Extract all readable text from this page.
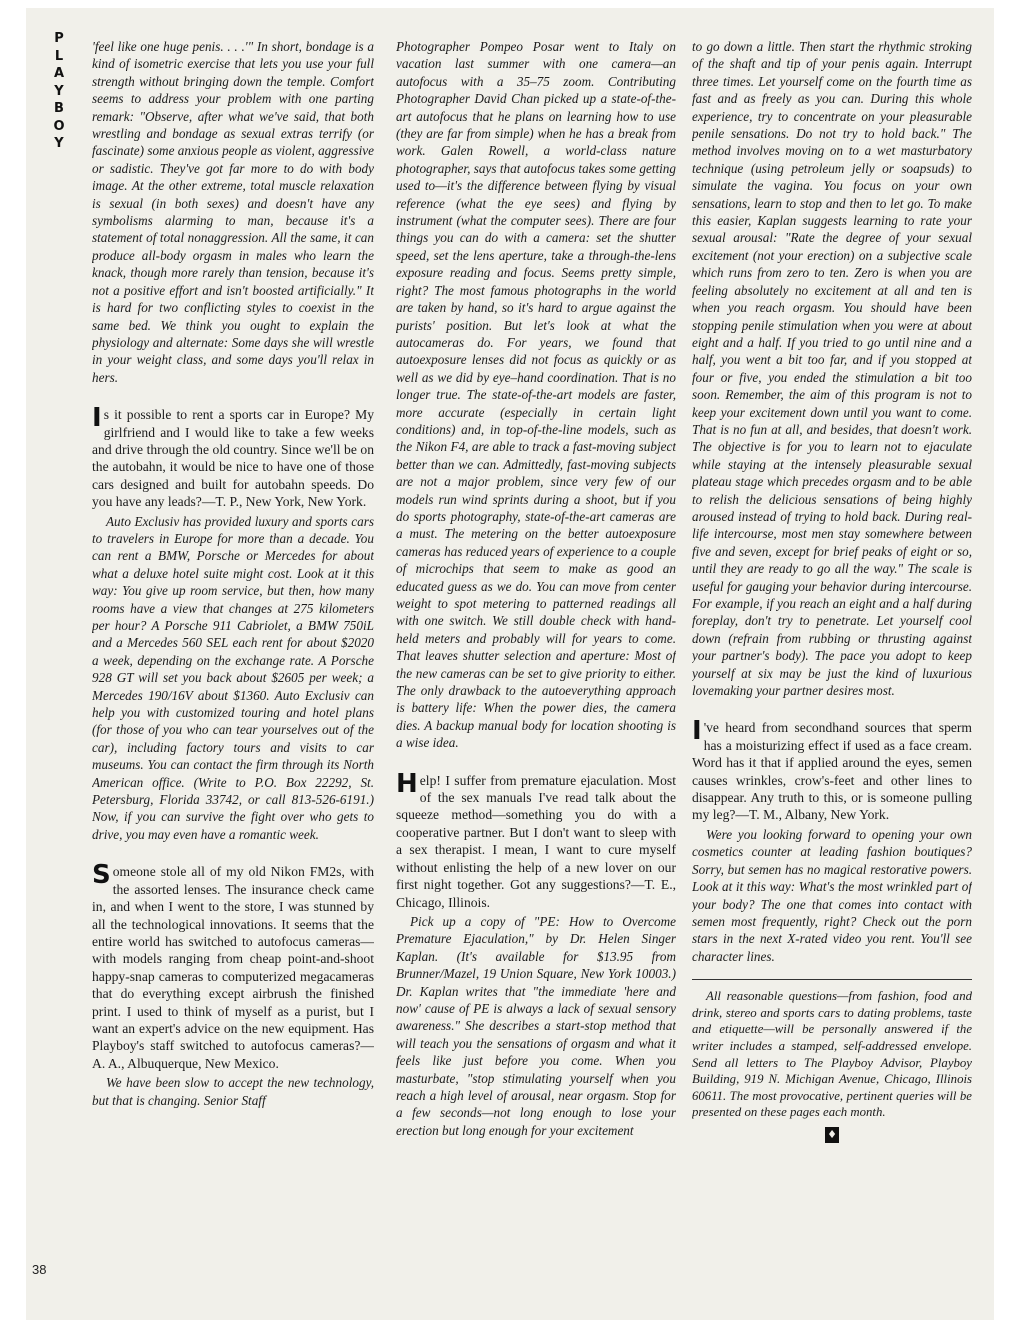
P
L
A
Y
B
O
Y

'feel like one huge penis. . . .'" In short, bondage is a kind of isometric exercise that lets you use your full strength without bringing down the temple. Comfort seems to address your problem with one parting remark: "Observe, after what we've said, that both wrestling and bondage as sexual extras terrify (or fascinate) some anxious people as violent, aggressive or sadistic. They've got far more to do with body image. At the other extreme, total muscle relaxation is sexual (in both sexes) and doesn't have any symbolisms alarming to man, because it's a statement of total nonaggression. All the same, it can produce all-body orgasm in males who learn the knack, though more rarely than tension, because it's not a positive effort and isn't boosted artificially." It is hard for two conflicting styles to coexist in the same bed. We think you ought to explain the physiology and alternate: Some days she will wrestle in your weight class, and some days you'll relax in hers.

Is it possible to rent a sports car in Europe? My girlfriend and I would like to take a few weeks and drive through the old country. Since we'll be on the autobahn, it would be nice to have one of those cars designed and built for autobahn speeds. Do you have any leads?—T. P., New York, New York.

Auto Exclusiv has provided luxury and sports cars to travelers in Europe for more than a decade. You can rent a BMW, Porsche or Mercedes for about what a deluxe hotel suite might cost. Look at it this way: You give up room service, but then, how many rooms have a view that changes at 275 kilometers per hour? A Porsche 911 Cabriolet, a BMW 750iL and a Mercedes 560 SEL each rent for about $2020 a week, depending on the exchange rate. A Porsche 928 GT will set you back about $2605 per week; a Mercedes 190/16V about $1360. Auto Exclusiv can help you with customized touring and hotel plans (for those of you who can tear yourselves out of the car), including factory tours and visits to car museums. You can contact the firm through its North American office. (Write to P.O. Box 22292, St. Petersburg, Florida 33742, or call 813-526-6191.) Now, if you can survive the fight over who gets to drive, you may even have a romantic week.

Someone stole all of my old Nikon FM2s, with the assorted lenses. The insurance check came in, and when I went to the store, I was stunned by all the technological innovations. It seems that the entire world has switched to autofocus cameras—with models ranging from cheap point-and-shoot happy-snap cameras to computerized megacameras that do everything except airbrush the finished print. I used to think of myself as a purist, but I want an expert's advice on the new equipment. Has Playboy's staff switched to autofocus cameras?—A. A., Albuquerque, New Mexico.

We have been slow to accept the new technology, but that is changing. Senior Staff

Photographer Pompeo Posar went to Italy on vacation last summer with one camera—an autofocus with a 35–75 zoom. Contributing Photographer David Chan picked up a state-of-the-art autofocus that he plans on learning how to use (they are far from simple) when he has a break from work. Galen Rowell, a world-class nature photographer, says that autofocus takes some getting used to—it's the difference between flying by visual reference (what the eye sees) and flying by instrument (what the computer sees). There are four things you can do with a camera: set the shutter speed, set the lens aperture, take a through-the-lens exposure reading and focus. Seems pretty simple, right? The most famous photographs in the world are taken by hand, so it's hard to argue against the purists' position. But let's look at what the autocameras do. For years, we found that autoexposure lenses did not focus as quickly or as well as we did by eye–hand coordination. That is no longer true. The state-of-the-art models are faster, more accurate (especially in certain light conditions) and, in top-of-the-line models, such as the Nikon F4, are able to track a fast-moving subject better than we can. Admittedly, fast-moving subjects are not a major problem, since very few of our models run wind sprints during a shoot, but if you do sports photography, state-of-the-art cameras are a must. The metering on the better autoexposure cameras has reduced years of experience to a couple of microchips that seem to make as good an educated guess as we do. You can move from center weight to spot metering to patterned readings all with one switch. We still double check with hand-held meters and probably will for years to come. That leaves shutter selection and aperture: Most of the new cameras can be set to give priority to either. The only drawback to the autoeverything approach is battery life: When the power dies, the camera dies. A backup manual body for location shooting is a wise idea.

Help! I suffer from premature ejaculation. Most of the sex manuals I've read talk about the squeeze method—something you do with a cooperative partner. But I don't want to sleep with a sex therapist. I mean, I want to cure myself without enlisting the help of a new lover on our first night together. Got any suggestions?—T. E., Chicago, Illinois.

Pick up a copy of "PE: How to Overcome Premature Ejaculation," by Dr. Helen Singer Kaplan. (It's available for $13.95 from Brunner/Mazel, 19 Union Square, New York 10003.) Dr. Kaplan writes that "the immediate 'here and now' cause of PE is always a lack of sexual sensory awareness." She describes a start-stop method that will teach you the sensations of orgasm and what it feels like just before you come. When you masturbate, "stop stimulating yourself when you reach a high level of arousal, near orgasm. Stop for a few seconds—not long enough to lose your erection but long enough for your excitement

to go down a little. Then start the rhythmic stroking of the shaft and tip of your penis again. Interrupt three times. Let yourself come on the fourth time as fast and as freely as you can. During this whole experience, try to concentrate on your pleasurable penile sensations. Do not try to hold back." The method involves moving on to a wet masturbatory technique (using petroleum jelly or soapsuds) to simulate the vagina. You focus on your own sensations, learn to stop and then to let go. To make this easier, Kaplan suggests learning to rate your sexual arousal: "Rate the degree of your sexual excitement (not your erection) on a subjective scale which runs from zero to ten. Zero is when you are feeling absolutely no excitement at all and ten is when you reach orgasm. You should have been stopping penile stimulation when you were at about eight and a half. If you tried to go until nine and a half, you went a bit too far, and if you stopped at four or five, you ended the stimulation a bit too soon. Remember, the aim of this program is not to keep your excitement down until you want to come. That is no fun at all, and besides, that doesn't work. The objective is for you to learn not to ejaculate while staying at the intensely pleasurable sexual plateau stage which precedes orgasm and to be able to relish the delicious sensations of being highly aroused instead of trying to hold back. During real-life intercourse, most men stay somewhere between five and seven, except for brief peaks of eight or so, until they are ready to go all the way." The scale is useful for gauging your behavior during intercourse. For example, if you reach an eight and a half during foreplay, don't try to penetrate. Let yourself cool down (refrain from rubbing or thrusting against your partner's body). The pace you adopt to keep yourself at six may be just the kind of luxurious lovemaking your partner desires most.

I 've heard from secondhand sources that sperm has a moisturizing effect if used as a face cream. Word has it that if applied around the eyes, semen causes wrinkles, crow's-feet and other lines to disappear. Any truth to this, or is someone pulling my leg?—T. M., Albany, New York.

Were you looking forward to opening your own cosmetics counter at leading fashion boutiques? Sorry, but semen has no magical restorative powers. Look at it this way: What's the most wrinkled part of your body? The one that comes into contact with semen most frequently, right? Check out the porn stars in the next X-rated video you rent. You'll see character lines.

All reasonable questions—from fashion, food and drink, stereo and sports cars to dating problems, taste and etiquette—will be personally answered if the writer includes a stamped, self-addressed envelope. Send all letters to The Playboy Advisor, Playboy Building, 919 N. Michigan Avenue, Chicago, Illinois 60611. The most provocative, pertinent queries will be presented on these pages each month.

♦
38
